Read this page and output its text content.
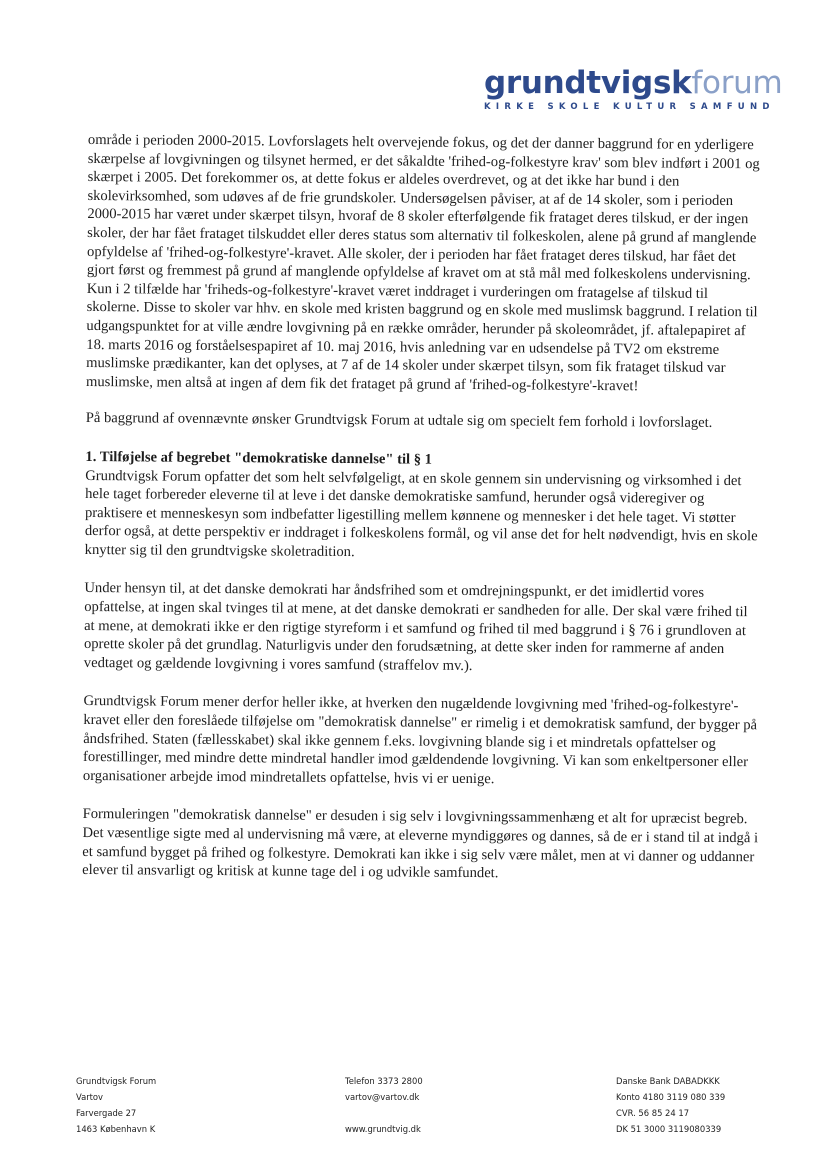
grundtvigskforum
KIRKE SKOLE KULTUR SAMFUND

område i perioden 2000-2015. Lovforslagets helt overvejende fokus, og det der danner baggrund for en yderligere skærpelse af lovgivningen og tilsynet hermed, er det såkaldte 'frihed-og-folkestyre krav' som blev indført i 2001 og skærpet i 2005. Det forekommer os, at dette fokus er aldeles overdrevet, og at det ikke har bund i den skolevirksomhed, som udøves af de frie grundskoler. Undersøgelsen påviser, at af de 14 skoler, som i perioden 2000-2015 har været under skærpet tilsyn, hvoraf de 8 skoler efterfølgende fik frataget deres tilskud, er der ingen skoler, der har fået frataget tilskuddet eller deres status som alternativ til folkeskolen, alene på grund af manglende opfyldelse af 'frihed-og-folkestyre'-kravet. Alle skoler, der i perioden har fået frataget deres tilskud, har fået det gjort først og fremmest på grund af manglende opfyldelse af kravet om at stå mål med folkeskolens undervisning. Kun i 2 tilfælde har 'friheds-og-folkestyre'-kravet været inddraget i vurderingen om fratagelse af tilskud til skolerne. Disse to skoler var hhv. en skole med kristen baggrund og en skole med muslimsk baggrund. I relation til udgangspunktet for at ville ændre lovgivning på en række områder, herunder på skoleområdet, jf. aftalepapiret af 18. marts 2016 og forståelsespapiret af 10. maj 2016, hvis anledning var en udsendelse på TV2 om ekstreme muslimske prædikanter, kan det oplyses, at 7 af de 14 skoler under skærpet tilsyn, som fik frataget tilskud var muslimske, men altså at ingen af dem fik det frataget på grund af 'frihed-og-folkestyre'-kravet!

På baggrund af ovennævnte ønsker Grundtvigsk Forum at udtale sig om specielt fem forhold i lovforslaget.

1. Tilføjelse af begrebet "demokratiske dannelse" til § 1

Grundtvigsk Forum opfatter det som helt selvfølgeligt, at en skole gennem sin undervisning og virksomhed i det hele taget forbereder eleverne til at leve i det danske demokratiske samfund, herunder også videregiver og praktisere et menneskesyn som indbefatter ligestilling mellem kønnene og mennesker i det hele taget. Vi støtter derfor også, at dette perspektiv er inddraget i folkeskolens formål, og vil anse det for helt nødvendigt, hvis en skole knytter sig til den grundtvigske skoletradition.

Under hensyn til, at det danske demokrati har åndsfrihed som et omdrejningspunkt, er det imidlertid vores opfattelse, at ingen skal tvinges til at mene, at det danske demokrati er sandheden for alle. Der skal være frihed til at mene, at demokrati ikke er den rigtige styreform i et samfund og frihed til med baggrund i § 76 i grundloven at oprette skoler på det grundlag. Naturligvis under den forudsætning, at dette sker inden for rammerne af anden vedtaget og gældende lovgivning i vores samfund (straffelov mv.).

Grundtvigsk Forum mener derfor heller ikke, at hverken den nugældende lovgivning med 'frihed-og-folkestyre'-kravet eller den foreslåede tilføjelse om "demokratisk dannelse" er rimelig i et demokratisk samfund, der bygger på åndsfrihed. Staten (fællesskabet) skal ikke gennem f.eks. lovgivning blande sig i et mindretals opfattelser og forestillinger, med mindre dette mindretal handler imod gældendende lovgivning. Vi kan som enkeltpersoner eller organisationer arbejde imod mindretallets opfattelse, hvis vi er uenige.

Formuleringen "demokratisk dannelse" er desuden i sig selv i lovgivningssammenhæng et alt for upræcist begreb. Det væsentlige sigte med al undervisning må være, at eleverne myndiggøres og dannes, så de er i stand til at indgå i et samfund bygget på frihed og folkestyre. Demokrati kan ikke i sig selv være målet, men at vi danner og uddanner elever til ansvarligt og kritisk at kunne tage del i og udvikle samfundet.

Grundtvigsk Forum
Vartov
Farvergade 27
1463 København K
Telefon 3373 2800
vartov@vartov.dk

www.grundtvig.dk
Danske Bank DABADKKK
Konto 4180 3119 080 339
CVR. 56 85 24 17
DK 51 3000 3119080339
